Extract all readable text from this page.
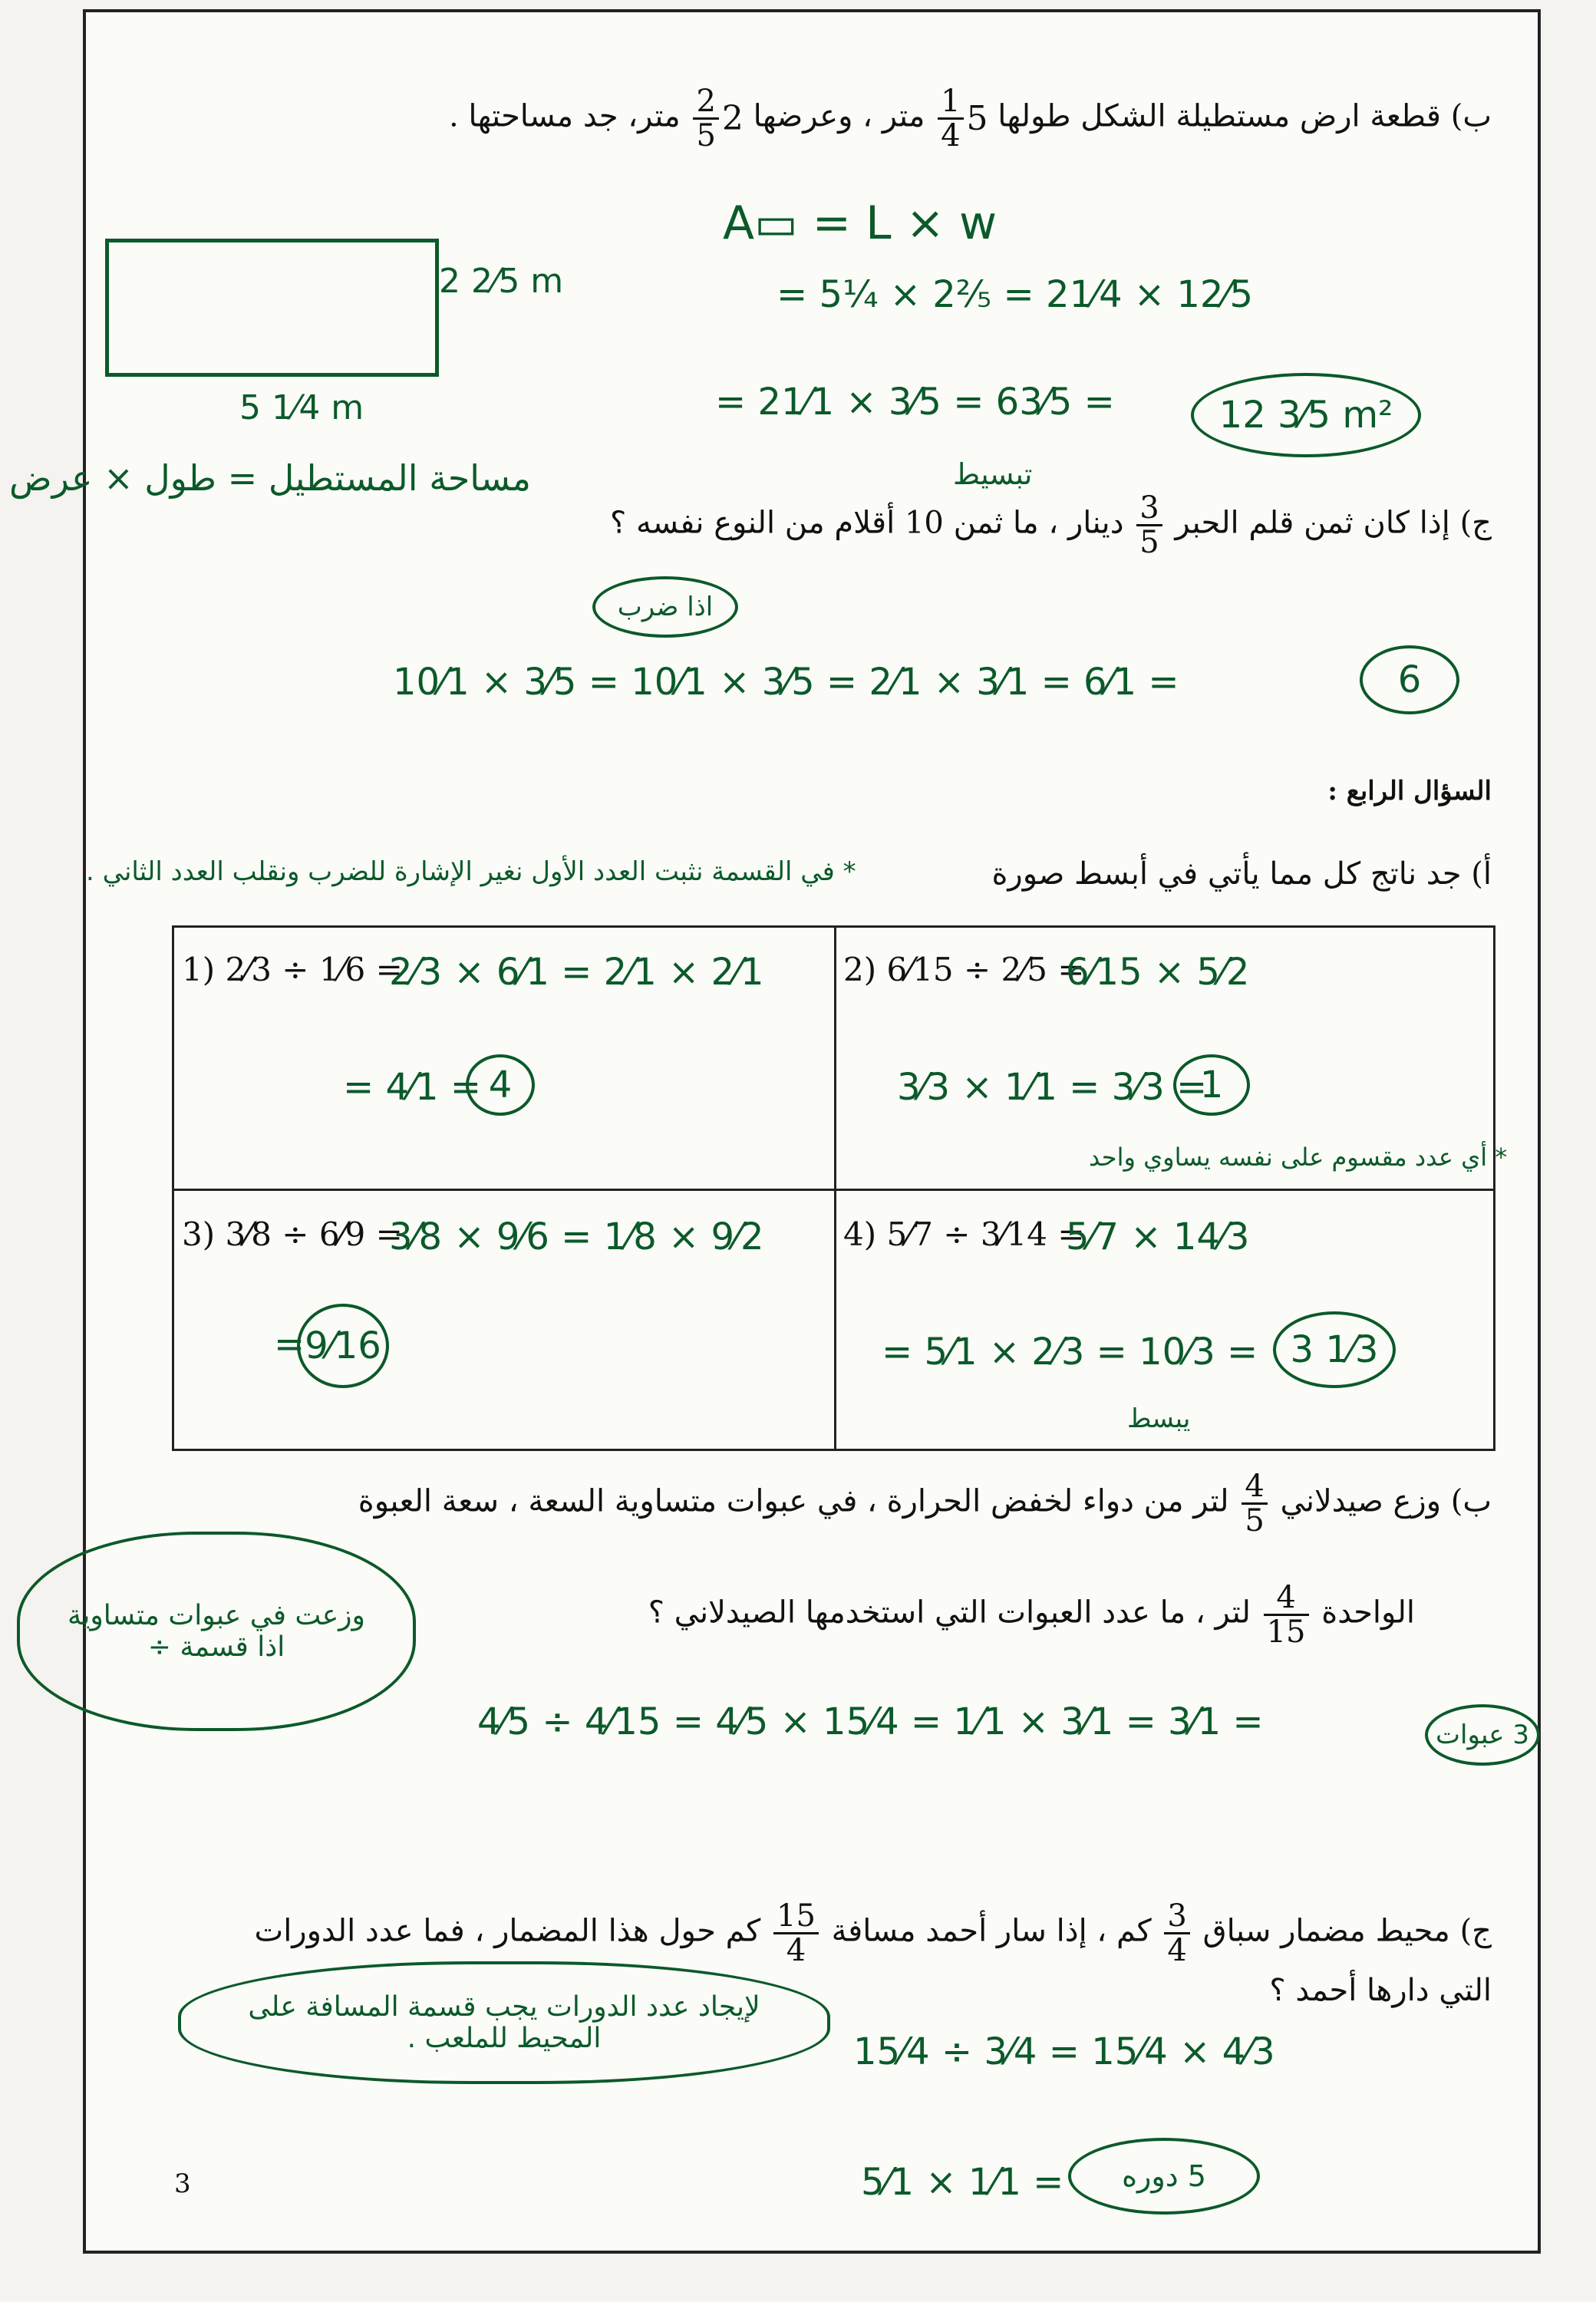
ب) قطعة ارض مستطيلة الشكل طولها 5
$\frac{1}{4}$
متر ، وعرضها 2
$\frac{2}{5}$
متر، جد مساحتها .
2 2⁄5 m
5 1⁄4 m
A▭ = L × w
= 5¹⁄₄ × 2²⁄₅ = 21⁄4 × 12⁄5
= 21⁄1 × 3⁄5 = 63⁄5 =	12 3⁄5 m²
تبسيط
مساحة المستطيل = طول × عرض
ج) إذا كان ثمن قلم الحبر
$\frac{3}{5}$
دينار ، ما ثمن 10 أقلام من النوع نفسه ؟
اذا ضرب
10⁄1 × 3⁄5 = 10⁄1 × 3⁄5 = 2⁄1 × 3⁄1 = 6⁄1 =	6
السؤال الرابع :
أ) جد ناتج كل مما يأتي في أبسط صورة
* في القسمة نثبت العدد الأول نغير الإشارة للضرب ونقلب العدد الثاني .
1) 2⁄3 ÷ 1⁄6 =
2⁄3 × 6⁄1 = 2⁄1 × 2⁄1
= 4⁄1 = 4
2) 6⁄15 ÷ 2⁄5 =
6⁄15 × 5⁄2
3⁄3 × 1⁄1 = 3⁄3 =
1
* أي عدد مقسوم على نفسه يساوي واحد
3) 3⁄8 ÷ 6⁄9 =
3⁄8 × 9⁄6 = 1⁄8 × 9⁄2
= 9⁄16
4) 5⁄7 ÷ 3⁄14 =
5⁄7 × 14⁄3
= 5⁄1 × 2⁄3 = 10⁄3 = 3 1⁄3
يبسط
ب) وزع صيدلاني
$\frac{4}{5}$
لتر من دواء لخفض الحرارة ، في عبوات متساوية السعة ، سعة العبوة
الواحدة
$\frac{4}{15}$
لتر ، ما عدد العبوات التي استخدمها الصيدلاني ؟
وزعت في عبوات متساوية اذا قسمة ÷
4⁄5 ÷ 4⁄15 = 4⁄5 × 15⁄4 = 1⁄1 × 3⁄1 = 3⁄1 =	3 عبوات
ج) محيط مضمار سباق
$\frac{3}{4}$
كم ، إذا سار أحمد مسافة
$\frac{15}{4}$
كم حول هذا المضمار ، فما عدد الدورات
التي دارها أحمد ؟
لإيجاد عدد الدورات يجب قسمة المسافة على المحيط للملعب .	15⁄4 ÷ 3⁄4 = 15⁄4 × 4⁄3
5⁄1 × 1⁄1 = 5 دوره
3
